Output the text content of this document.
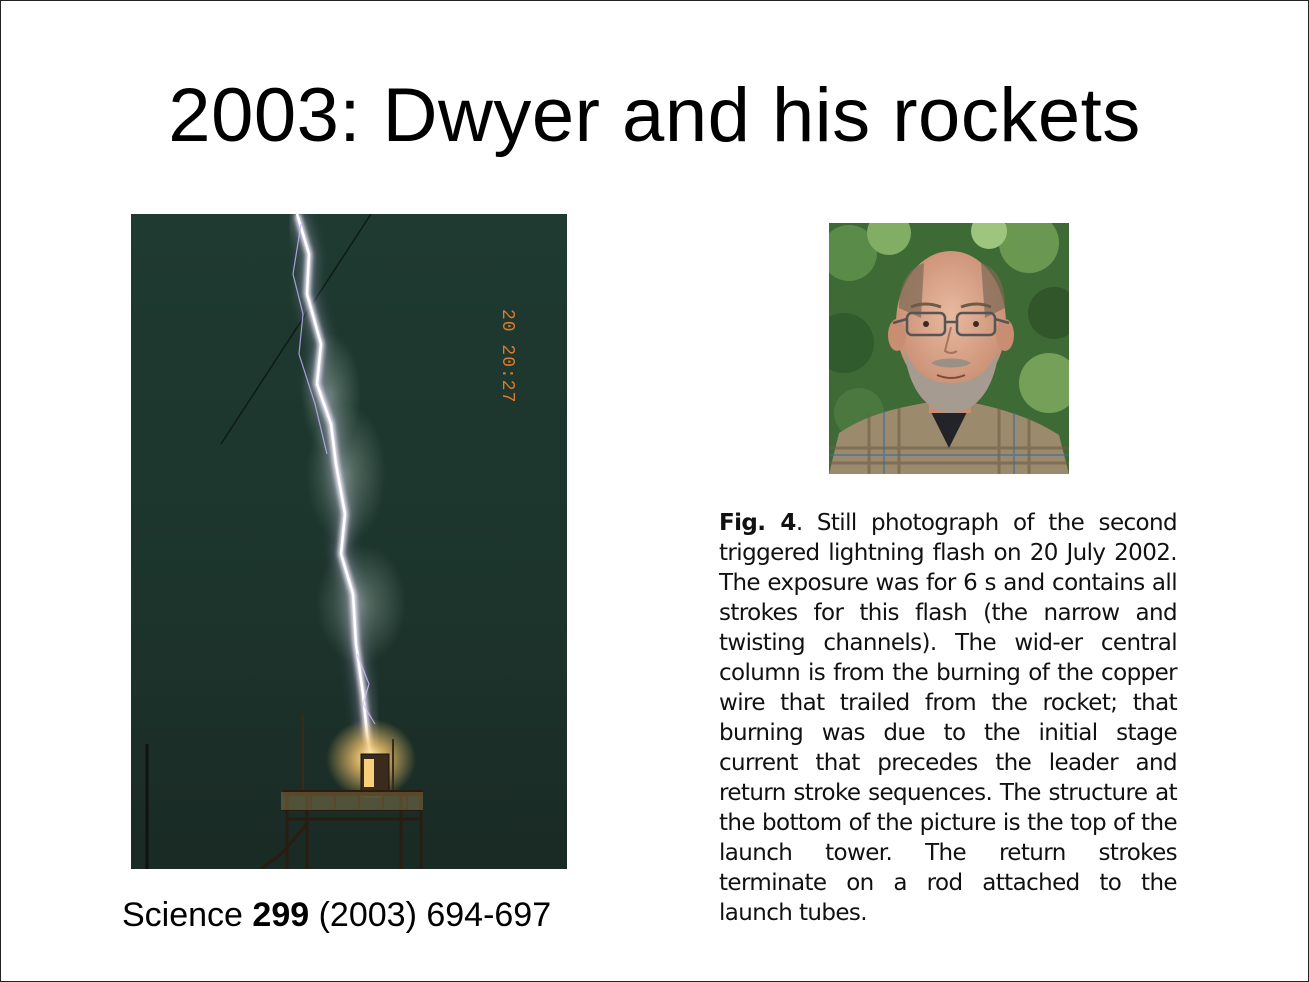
2003: Dwyer and his rockets
20 20:27
Science 299 (2003) 694-697
Fig. 4. Still photograph of the second triggered lightning flash on 20 July 2002. The exposure was for 6 s and contains all strokes for this flash (the narrow and twisting channels). The wid-er central column is from the burning of the copper wire that trailed from the rocket; that burning was due to the initial stage current that precedes the leader and return stroke sequences. The structure at the bottom of the picture is the top of the launch tower. The return strokes terminate on a rod attached to the launch tubes.
